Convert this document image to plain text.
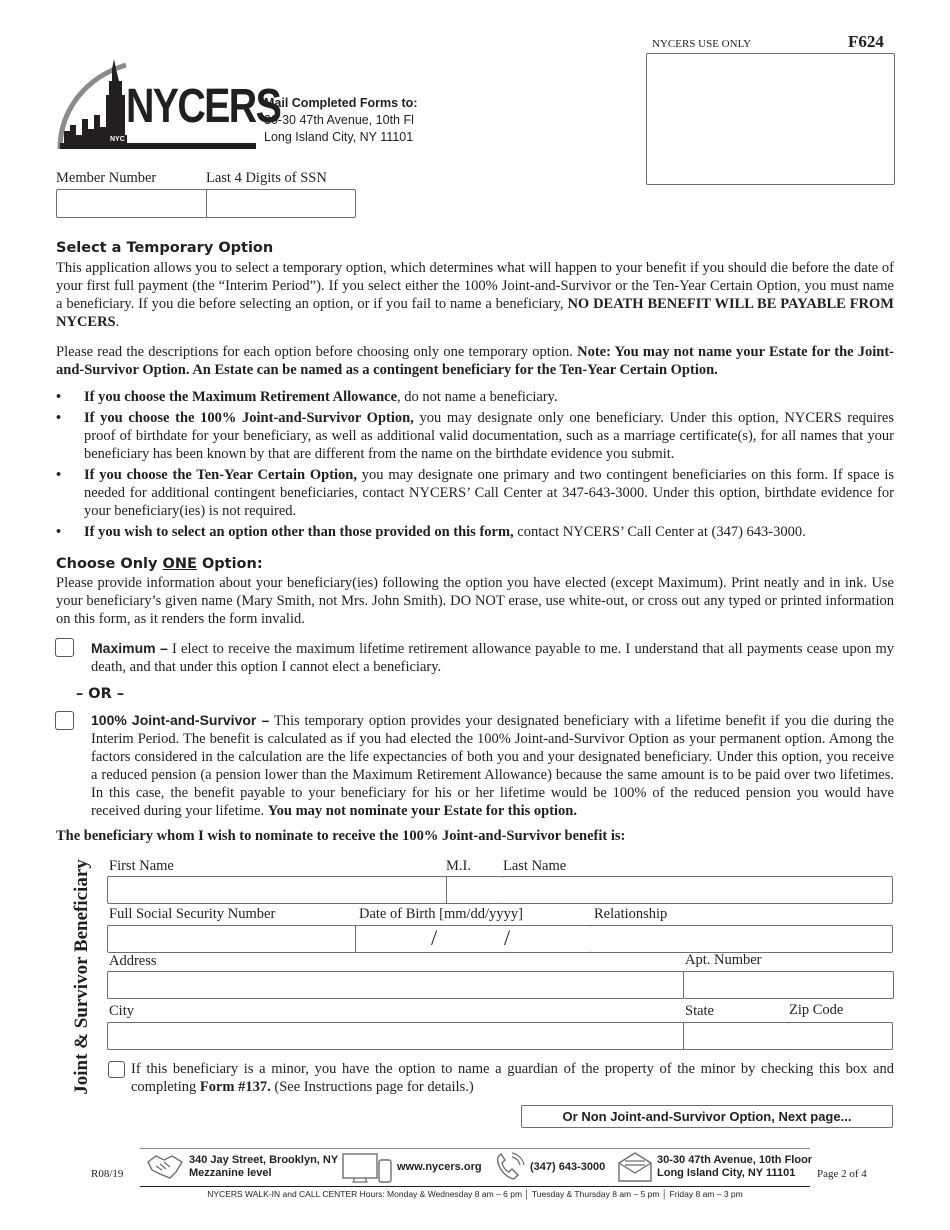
NYCERS
NYC Employees' Retirement System
Mail Completed Forms to:
30-30 47th Avenue, 10th Fl
Long Island City, NY 11101
NYCERS USE ONLY	F624
Member Number	Last 4 Digits of SSN
Select a Temporary Option
This application allows you to select a temporary option, which determines what will happen to your benefit if you should die before the date of your first full payment (the “Interim Period”). If you select either the 100% Joint-and-Survivor or the Ten-Year Certain Option, you must name a beneficiary. If you die before selecting an option, or if you fail to name a beneficiary, NO DEATH BENEFIT WILL BE PAYABLE FROM NYCERS.
Please read the descriptions for each option before choosing only one temporary option. Note: You may not name your Estate for the Joint-and-Survivor Option. An Estate can be named as a contingent beneficiary for the Ten-Year Certain Option.
• If you choose the Maximum Retirement Allowance, do not name a beneficiary.
• If you choose the 100% Joint-and-Survivor Option, you may designate only one beneficiary. Under this option, NYCERS requires proof of birthdate for your beneficiary, as well as additional valid documentation, such as a marriage certificate(s), for all names that your beneficiary has been known by that are different from the name on the birthdate evidence you submit.
• If you choose the Ten-Year Certain Option, you may designate one primary and two contingent beneficiaries on this form. If space is needed for additional contingent beneficiaries, contact NYCERS’ Call Center at 347-643-3000. Under this option, birthdate evidence for your beneficiary(ies) is not required.
• If you wish to select an option other than those provided on this form, contact NYCERS’ Call Center at (347) 643-3000.
Choose Only ONE Option:
Please provide information about your beneficiary(ies) following the option you have elected (except Maximum). Print neatly and in ink. Use your beneficiary’s given name (Mary Smith, not Mrs. John Smith). DO NOT erase, use white-out, or cross out any typed or printed information on this form, as it renders the form invalid.
Maximum – I elect to receive the maximum lifetime retirement allowance payable to me. I understand that all payments cease upon my death, and that under this option I cannot elect a beneficiary.
– OR –
100% Joint-and-Survivor – This temporary option provides your designated beneficiary with a lifetime benefit if you die during the Interim Period. The benefit is calculated as if you had elected the 100% Joint-and-Survivor Option as your permanent option. Among the factors considered in the calculation are the life expectancies of both you and your designated beneficiary. Under this option, you receive a reduced pension (a pension lower than the Maximum Retirement Allowance) because the same amount is to be paid over two lifetimes. In this case, the benefit payable to your beneficiary for his or her lifetime would be 100% of the reduced pension you would have received during your lifetime. You may not nominate your Estate for this option.
The beneficiary whom I wish to nominate to receive the 100% Joint-and-Survivor benefit is:
Joint & Survivor Beneficiary First Name	M.I. Last Name
Full Social Security Number	Date of Birth [mm/dd/yyyy]	Relationship
/	/
Address	Apt. Number
City	State	Zip Code
If this beneficiary is a minor, you have the option to name a guardian of the property of the minor by checking this box and completing Form #137. (See Instructions page for details.)
Or Non Joint-and-Survivor Option, Next page...
R08/19
340 Jay Street, Brooklyn, NY
Mezzanine level	www.nycers.org	(347) 643-3000
30-30 47th Avenue, 10th Floor
Long Island City, NY 11101	Page 2 of 4
NYCERS WALK-IN and CALL CENTER Hours: Monday & Wednesday 8 am – 6 pm │ Tuesday & Thursday 8 am – 5 pm │ Friday 8 am – 3 pm
